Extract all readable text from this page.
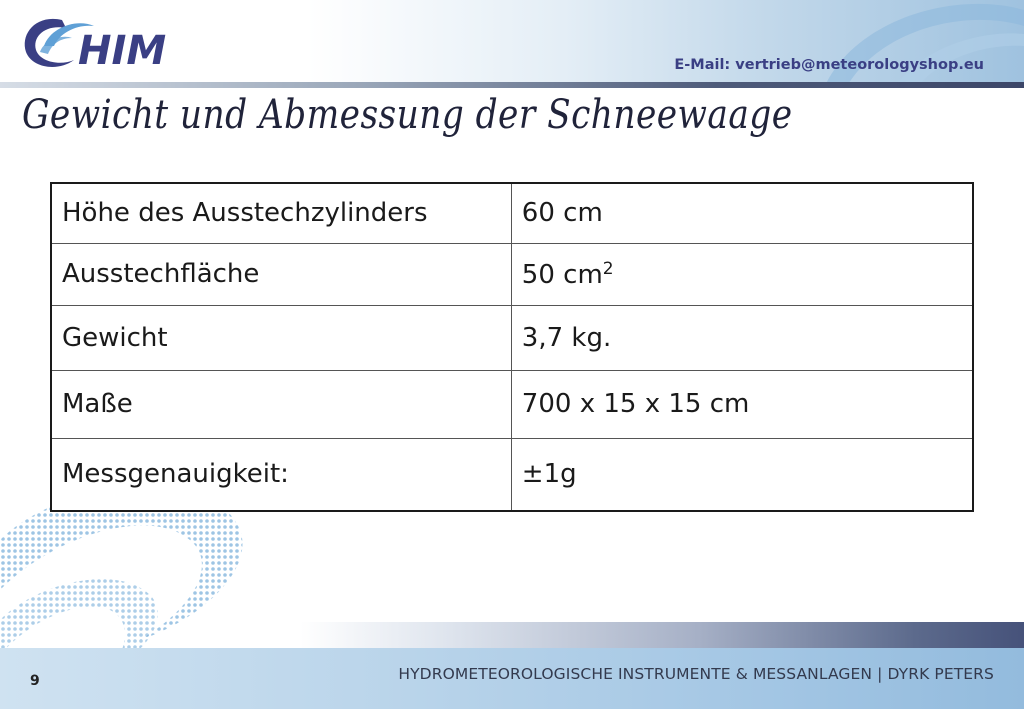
HIM	E-Mail: vertrieb@meteorologyshop.eu
Gewicht und Abmessung der Schneewaage
Höhe des Ausstechzylinders	60 cm
Ausstechfläche	50 $cm^2$
Gewicht	3,7 kg.
Maße	700 x 15 x 15 cm
Messgenauigkeit:	±1g
9	HYDROMETEOROLOGISCHE INSTRUMENTE & MESSANLAGEN | DYRK PETERS
